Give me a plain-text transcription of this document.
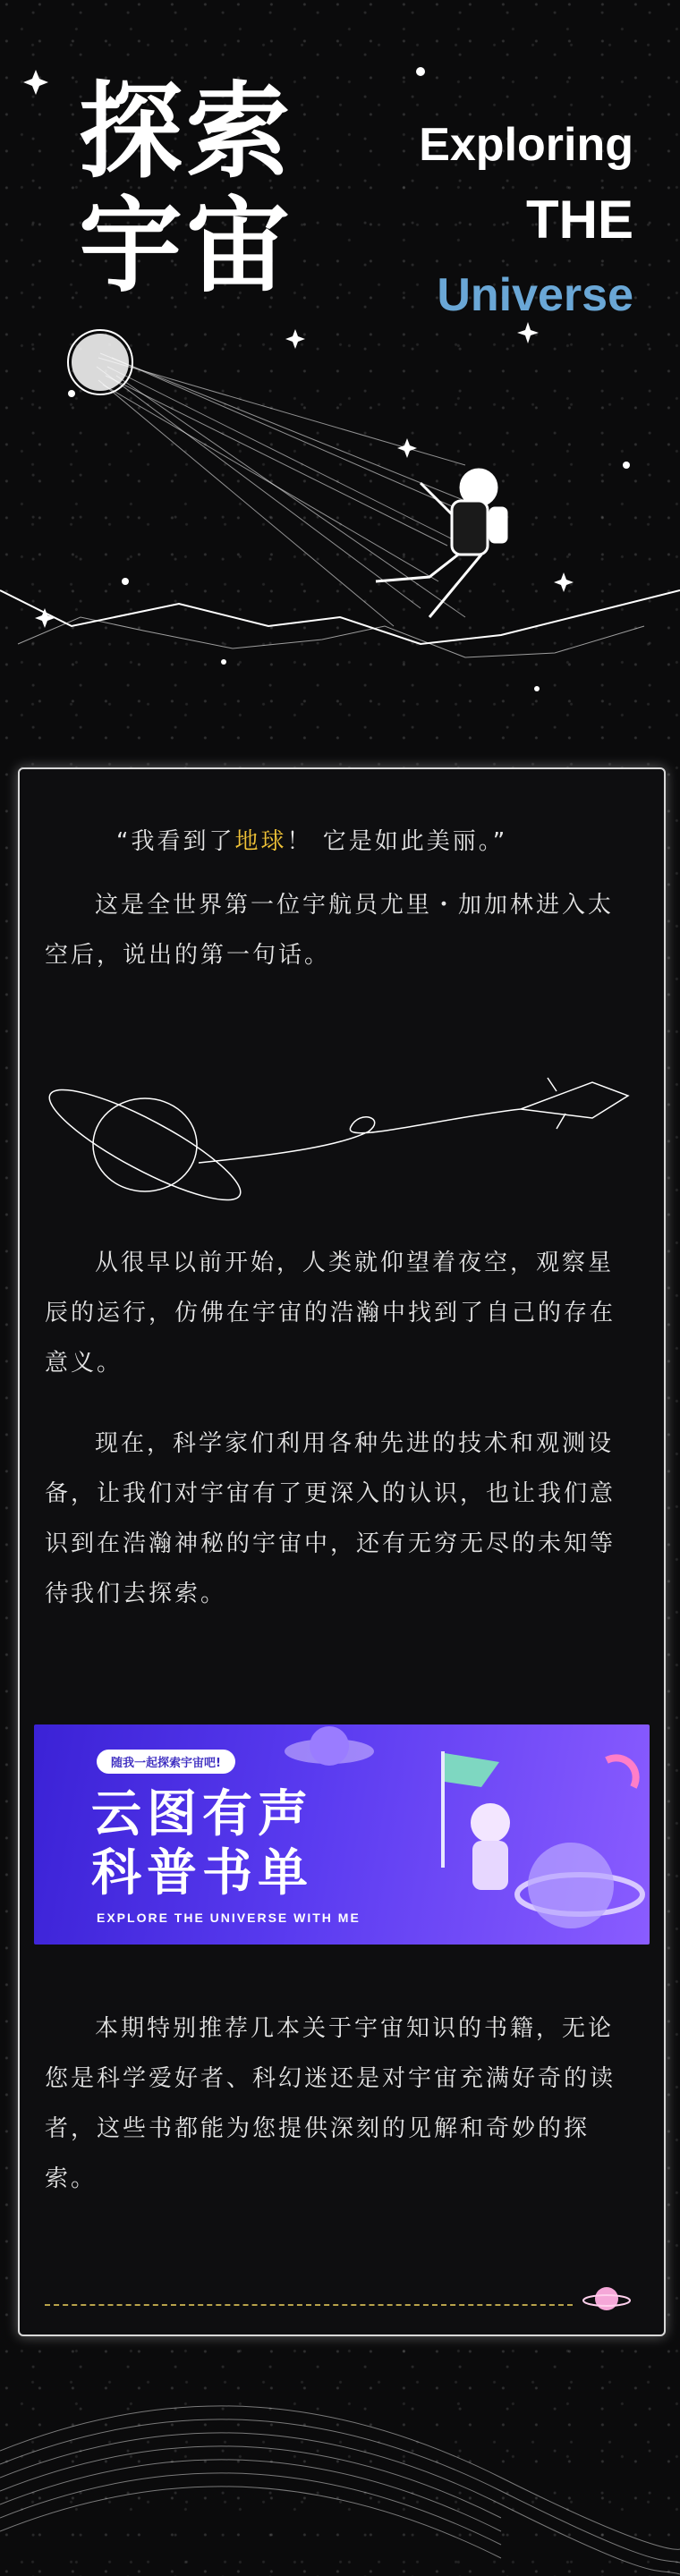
探索
宇宙
Exploring
THE
Universe
“我看到了地球！ 它是如此美丽。”

这是全世界第一位宇航员尤里・加加林进入太空后，说出的第一句话。

从很早以前开始，人类就仰望着夜空，观察星辰的运行，仿佛在宇宙的浩瀚中找到了自己的存在意义。

现在，科学家们利用各种先进的技术和观测设备，让我们对宇宙有了更深入的认识，也让我们意识到在浩瀚神秘的宇宙中，还有无穷无尽的未知等待我们去探索。

随我一起探索宇宙吧!
云图有声
科普书单
EXPLORE THE UNIVERSE WITH ME

本期特别推荐几本关于宇宙知识的书籍，无论您是科学爱好者、科幻迷还是对宇宙充满好奇的读者，这些书都能为您提供深刻的见解和奇妙的探索。
